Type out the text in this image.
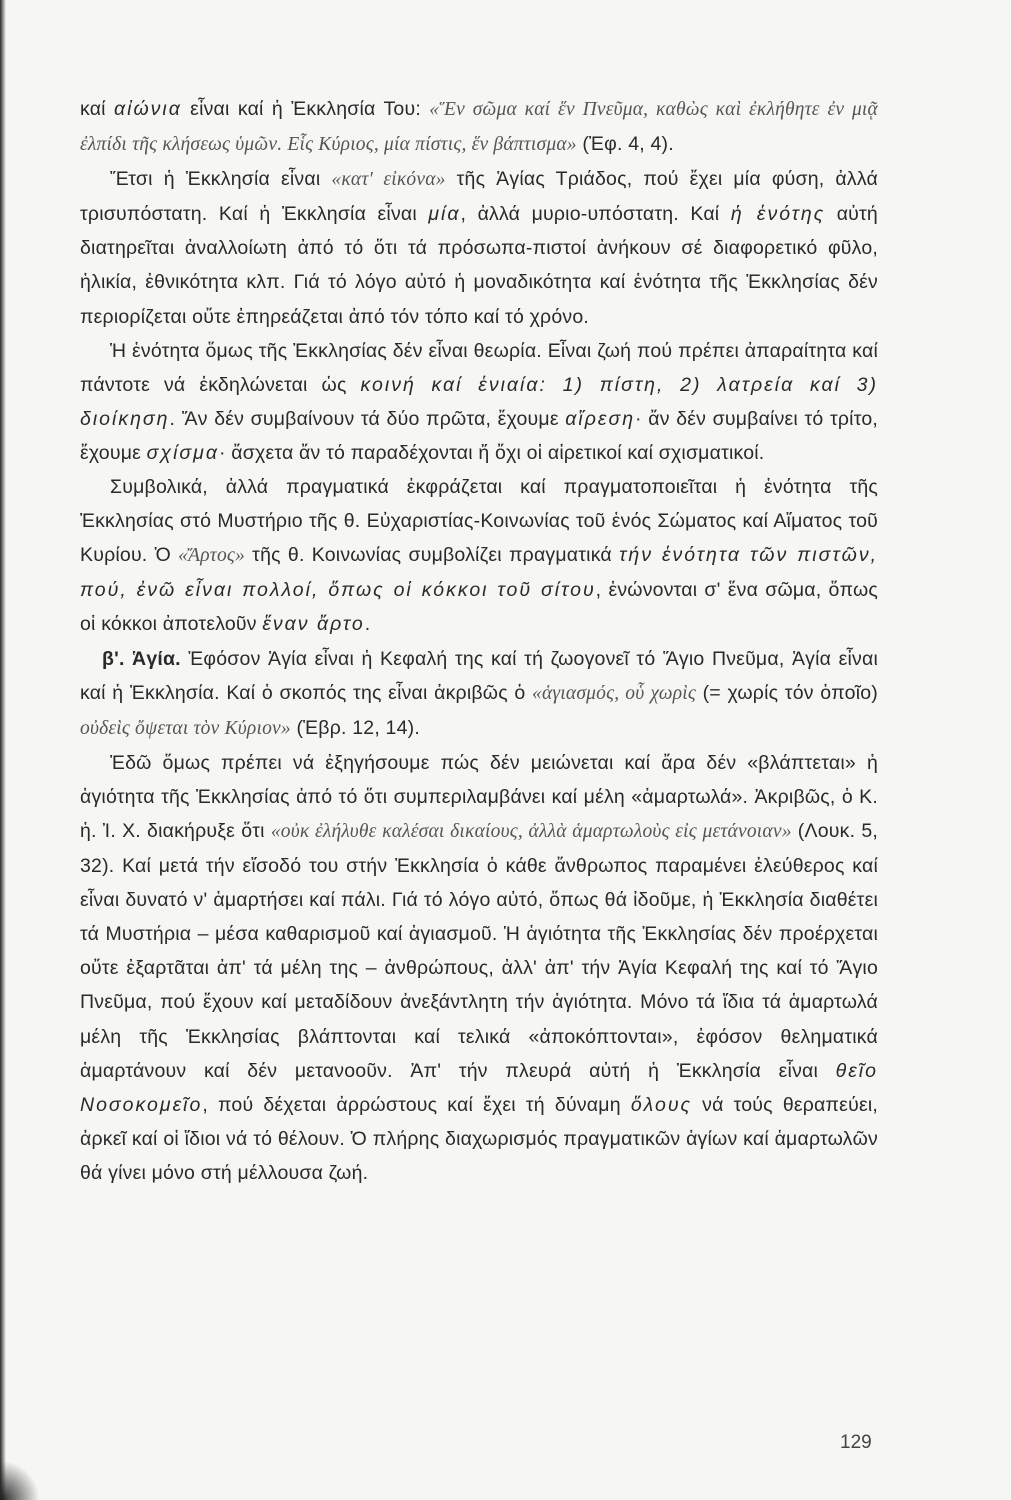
καί αἰώνια εἶναι καί ἡ Ἐκκλησία Του: «Ἕν σῶμα καί ἕν Πνεῦμα, καθὼς καὶ ἐκλήθητε ἐν μιᾷ ἐλπίδι τῆς κλήσεως ὑμῶν. Εἷς Κύριος, μία πίστις, ἕν βάπτισμα» (Ἐφ. 4, 4).

Ἔτσι ἡ Ἐκκλησία εἶναι «κατ' εἰκόνα» τῆς Ἁγίας Τριάδος, πού ἔχει μία φύση, ἀλλά τρισυπόστατη. Καί ἡ Ἐκκλησία εἶναι μία, ἀλλά μυριο-υπόστατη. Καί ἡ ἑνότης αὐτή διατηρεῖται ἀναλλοίωτη ἀπό τό ὅτι τά πρόσωπα-πιστοί ἀνήκουν σέ διαφορετικό φῦλο, ἡλικία, ἐθνικότητα κλπ. Γιά τό λόγο αὐτό ἡ μοναδικότητα καί ἑνότητα τῆς Ἐκκλησίας δέν περιορίζεται οὔτε ἐπηρεάζεται ἀπό τόν τόπο καί τό χρόνο.

Ἡ ἑνότητα ὅμως τῆς Ἐκκλησίας δέν εἶναι θεωρία. Εἶναι ζωή πού πρέπει ἀπαραίτητα καί πάντοτε νά ἐκδηλώνεται ὡς κοινή καί ἑνιαία: 1) πίστη, 2) λατρεία καί 3) διοίκηση. Ἄν δέν συμβαίνουν τά δύο πρῶτα, ἔχουμε αἵρεση· ἄν δέν συμβαίνει τό τρίτο, ἔχουμε σχίσμα· ἄσχετα ἄν τό παραδέχονται ἤ ὄχι οἱ αἱρετικοί καί σχισματικοί.

Συμβολικά, ἀλλά πραγματικά ἐκφράζεται καί πραγματοποιεῖται ἡ ἑνότητα τῆς Ἐκκλησίας στό Μυστήριο τῆς θ. Εὐχαριστίας-Κοινωνίας τοῦ ἑνός Σώματος καί Αἵματος τοῦ Κυρίου. Ὁ «Ἄρτος» τῆς θ. Κοινωνίας συμβολίζει πραγματικά τήν ἑνότητα τῶν πιστῶν, πού, ἐνῶ εἶναι πολλοί, ὅπως οἱ κόκκοι τοῦ σίτου, ἑνώνονται σ' ἕνα σῶμα, ὅπως οἱ κόκκοι ἀποτελοῦν ἕναν ἄρτο.

β'. Ἁγία. Ἐφόσον Ἁγία εἶναι ἡ Κεφαλή της καί τή ζωογονεῖ τό Ἅγιο Πνεῦμα, Ἁγία εἶναι καί ἡ Ἐκκλησία. Καί ὁ σκοπός της εἶναι ἀκριβῶς ὁ «ἁγιασμός, οὗ χωρὶς (= χωρίς τόν ὁποῖο) οὐδεὶς ὄψεται τὸν Κύριον» (Ἑβρ. 12, 14).

Ἐδῶ ὅμως πρέπει νά ἐξηγήσουμε πώς δέν μειώνεται καί ἄρα δέν «βλάπτεται» ἡ ἁγιότητα τῆς Ἐκκλησίας ἀπό τό ὅτι συμπεριλαμβάνει καί μέλη «ἁμαρτωλά». Ἀκριβῶς, ὁ Κ. ἡ. Ἰ. Χ. διακήρυξε ὅτι «οὐκ ἐλήλυθε καλέσαι δικαίους, ἀλλὰ ἁμαρτωλοὺς εἰς μετάνοιαν» (Λουκ. 5, 32). Καί μετά τήν εἴσοδό του στήν Ἐκκλησία ὁ κάθε ἄνθρωπος παραμένει ἐλεύθερος καί εἶναι δυνατό ν' ἁμαρτήσει καί πάλι. Γιά τό λόγο αὐτό, ὅπως θά ἰδοῦμε, ἡ Ἐκκλησία διαθέτει τά Μυστήρια – μέσα καθαρισμοῦ καί ἁγιασμοῦ. Ἡ ἁγιότητα τῆς Ἐκκλησίας δέν προέρχεται οὔτε ἐξαρτᾶται ἀπ' τά μέλη της – ἀνθρώπους, ἀλλ' ἀπ' τήν Ἁγία Κεφαλή της καί τό Ἅγιο Πνεῦμα, πού ἔχουν καί μεταδίδουν ἀνεξάντλητη τήν ἁγιότητα. Μόνο τά ἴδια τά ἁμαρτωλά μέλη τῆς Ἐκκλησίας βλάπτονται καί τελικά «ἀποκόπτονται», ἐφόσον θεληματικά ἁμαρτάνουν καί δέν μετανοοῦν. Ἀπ' τήν πλευρά αὐτή ἡ Ἐκκλησία εἶναι θεῖο Νοσοκομεῖο, πού δέχεται ἀρρώστους καί ἔχει τή δύναμη ὅλους νά τούς θεραπεύει, ἀρκεῖ καί οἱ ἴδιοι νά τό θέλουν. Ὁ πλήρης διαχωρισμός πραγματικῶν ἁγίων καί ἁμαρτωλῶν θά γίνει μόνο στή μέλλουσα ζωή.

129
